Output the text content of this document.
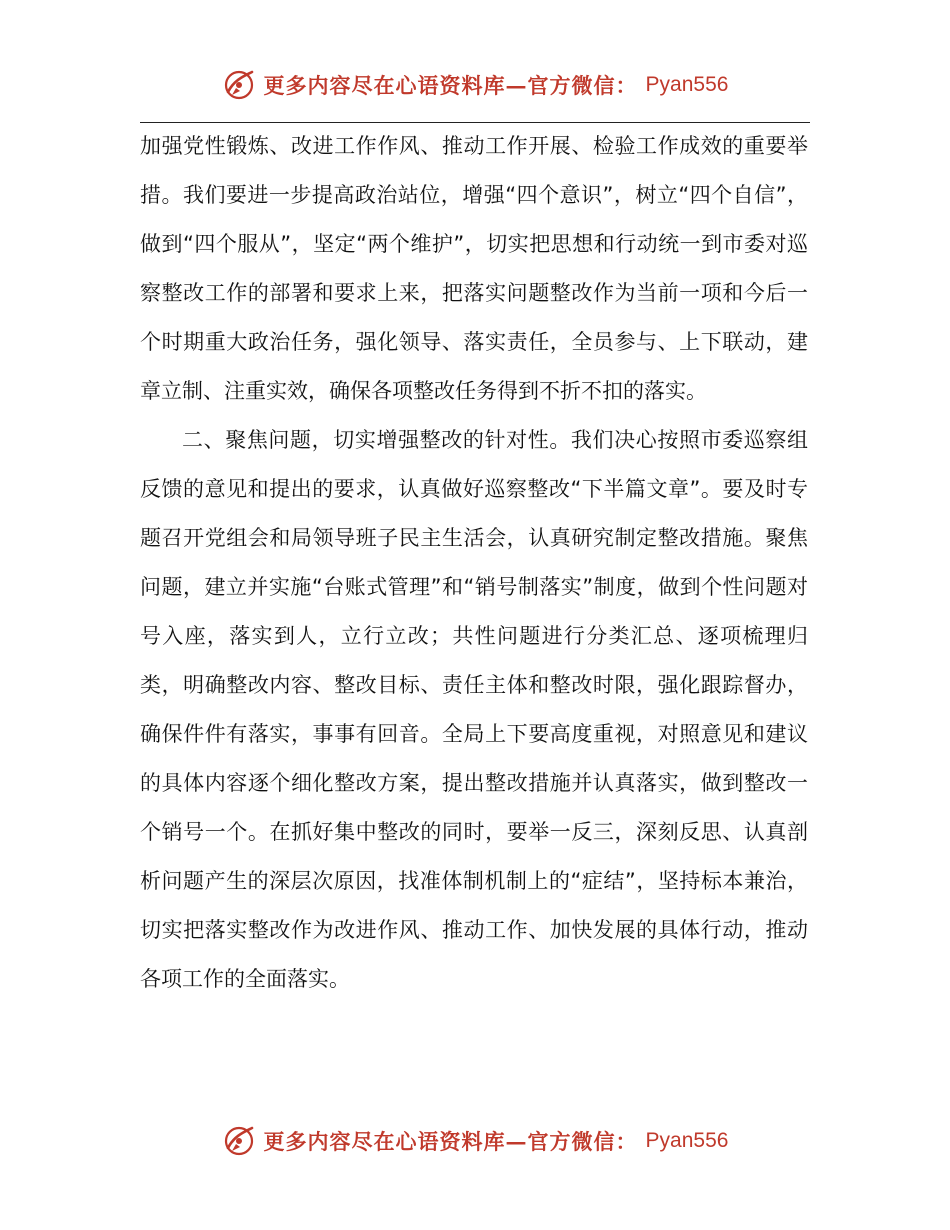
更多内容尽在心语资料库—官方微信： Pyan556

加强党性锻炼、改进工作作风、推动工作开展、检验工作成效的重要举措。我们要进一步提高政治站位，增强“四个意识”，树立“四个自信”，做到“四个服从”，坚定“两个维护”，切实把思想和行动统一到市委对巡察整改工作的部署和要求上来，把落实问题整改作为当前一项和今后一个时期重大政治任务，强化领导、落实责任，全员参与、上下联动，建章立制、注重实效，确保各项整改任务得到不折不扣的落实。

二、聚焦问题，切实增强整改的针对性。我们决心按照市委巡察组反馈的意见和提出的要求，认真做好巡察整改“下半篇文章”。要及时专题召开党组会和局领导班子民主生活会，认真研究制定整改措施。聚焦问题，建立并实施“台账式管理”和“销号制落实”制度，做到个性问题对号入座，落实到人，立行立改；共性问题进行分类汇总、逐项梳理归类，明确整改内容、整改目标、责任主体和整改时限，强化跟踪督办，确保件件有落实，事事有回音。全局上下要高度重视，对照意见和建议的具体内容逐个细化整改方案，提出整改措施并认真落实，做到整改一个销号一个。在抓好集中整改的同时，要举一反三，深刻反思、认真剖析问题产生的深层次原因，找准体制机制上的“症结”，坚持标本兼治，切实把落实整改作为改进作风、推动工作、加快发展的具体行动，推动各项工作的全面落实。

更多内容尽在心语资料库—官方微信： Pyan556
